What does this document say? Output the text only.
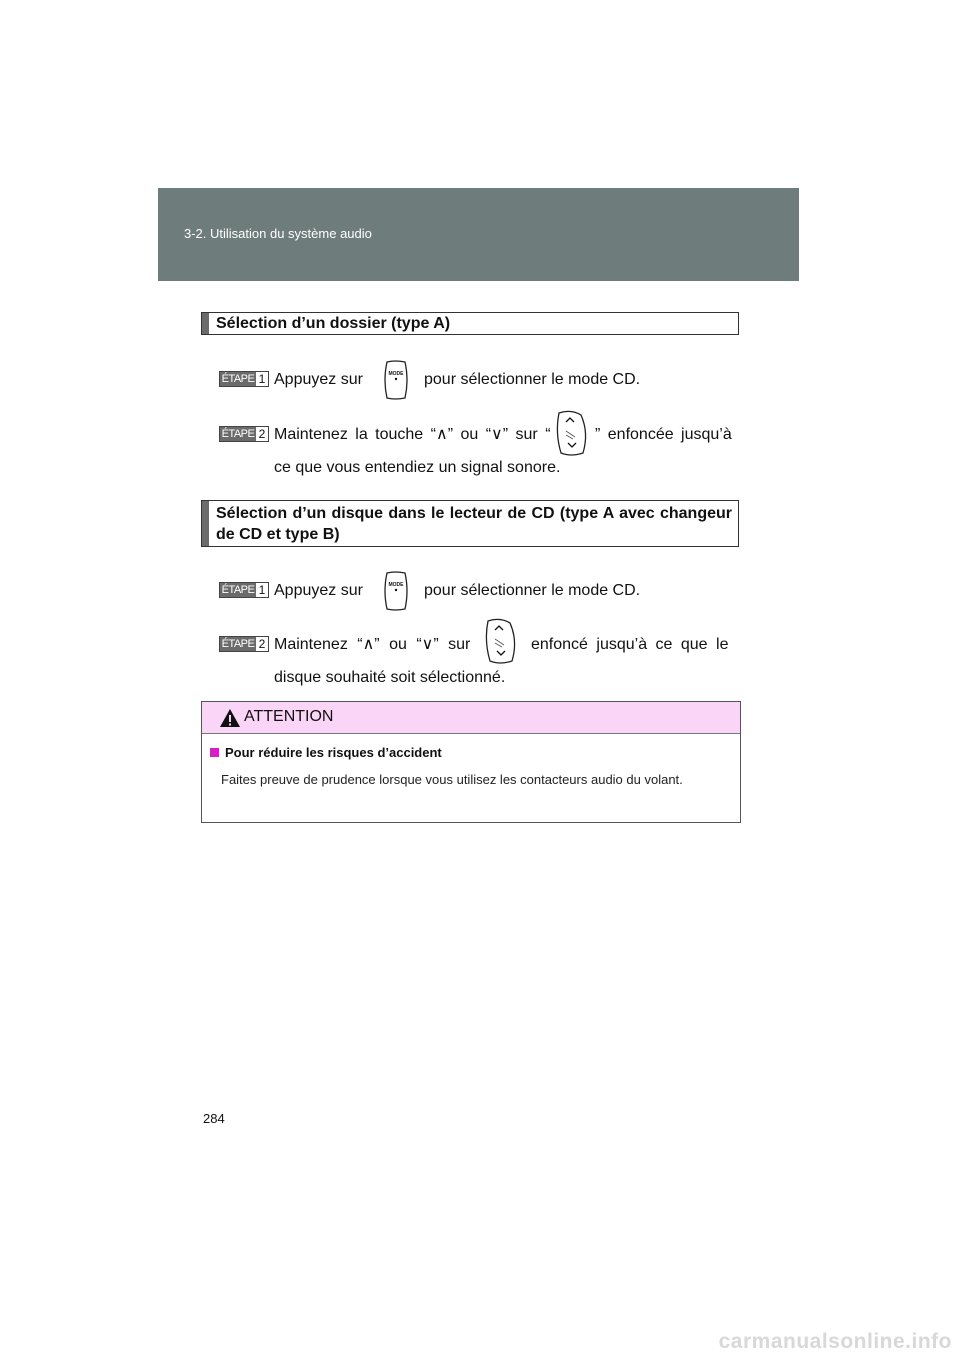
3-2. Utilisation du système audio
Sélection d’un dossier (type A)
ÉTAPE 1 Appuyez sur	pour sélectionner le mode CD.
MODE
ÉTAPE 2 Maintenez la touche “∧” ou “∨” sur “	” enfoncée jusqu’à
ce que vous entendiez un signal sonore.
Sélection d’un disque dans le lecteur de CD (type A avec changeur de CD et type B)
ÉTAPE 1 Appuyez sur	pour sélectionner le mode CD.
MODE
ÉTAPE 2 Maintenez “∧” ou “∨” sur	enfoncé jusqu’à ce que le
disque souhaité soit sélectionné.
ATTENTION
Pour réduire les risques d’accident
Faites preuve de prudence lorsque vous utilisez les contacteurs audio du volant.
284
carmanualsonline.info
